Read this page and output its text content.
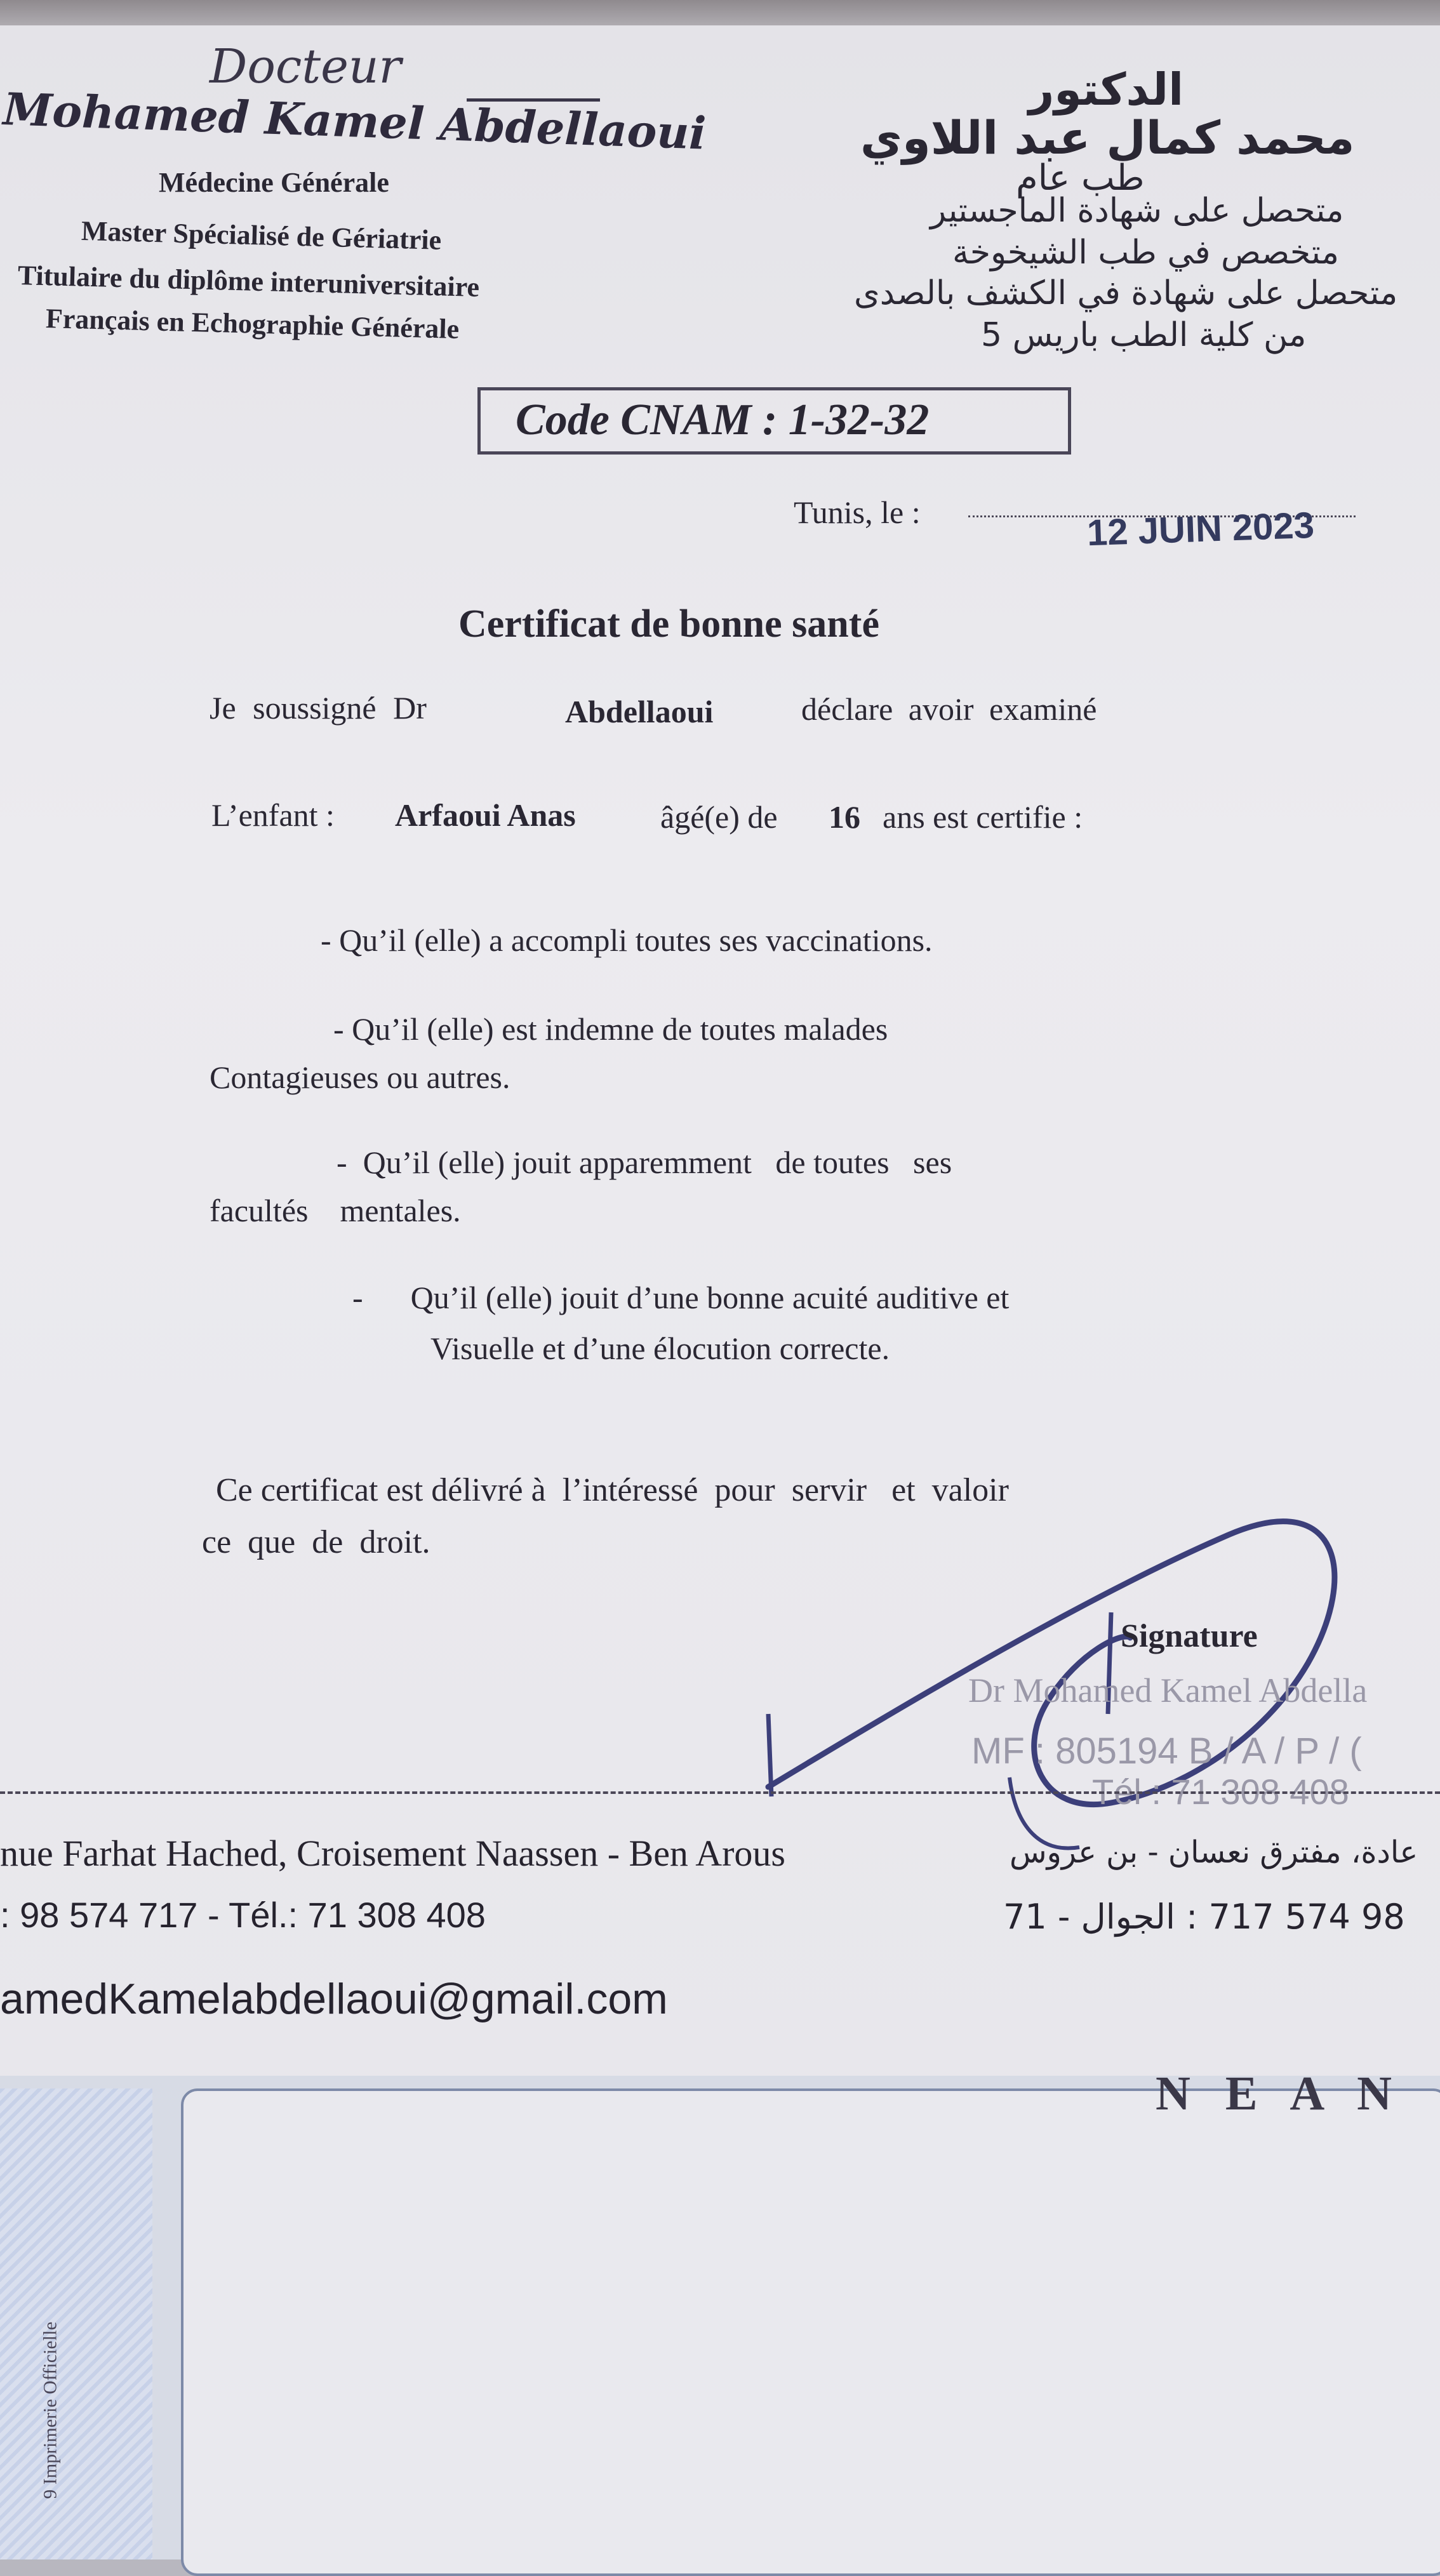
Docteur
Mohamed Kamel Abdellaoui
Médecine Générale
Master Spécialisé de Gériatrie
Titulaire du diplôme interuniversitaire
Français en Echographie Générale
الدكتور
محمد كمال عبد اللاوي
طب عام
متحصل على شهادة الماجستير
متخصص في طب الشيخوخة
متحصل على شهادة في الكشف بالصدى
من كلية الطب باريس 5
Code CNAM : 1-32-32
Tunis, le :	12 JUIN 2023
Certificat de bonne santé
Je soussigné Dr	Abdellaoui	déclare avoir examiné
L’enfant : Arfaoui Anas	âgé(e) de 16 ans est certifie :
- Qu’il (elle) a accompli toutes ses vaccinations.
- Qu’il (elle) est indemne de toutes malades
Contagieuses ou autres.
-  Qu’il (elle) jouit apparemment   de toutes   ses
facultés    mentales.
-      Qu’il (elle) jouit d’une bonne acuité auditive et
Visuelle et d’une élocution correcte.
Ce certificat est délivré à  l’intéressé  pour  servir   et  valoir
ce  que  de  droit.
Signature
Dr Mohamed Kamel Abdella
MF : 805194 B / A / P / (
Tél : 71 308 408
nue Farhat Hached, Croisement Naassen - Ben Arous	عادة، مفترق نعسان - بن عروس
: 98 574 717 - Tél.: 71 308 408	98 574 717 : الجوال - 71
amedKamelabdellaoui@gmail.com
9 Imprimerie Officielle
N E A N
